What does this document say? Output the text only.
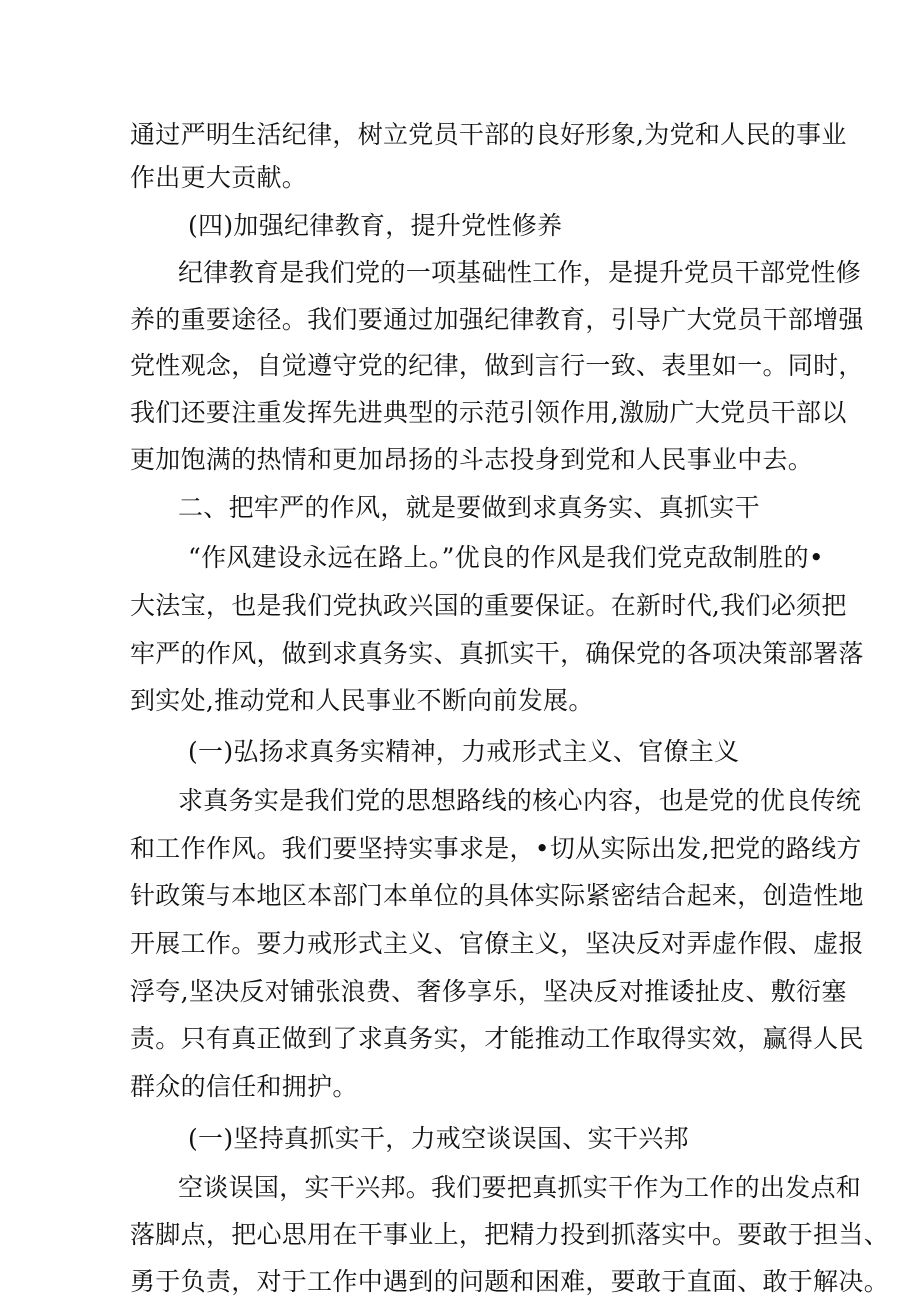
通过严明生活纪律，树立党员干部的良好形象,为党和人民的事业
作出更大贡献。
(四)加强纪律教育，提升党性修养
纪律教育是我们党的一项基础性工作，是提升党员干部党性修
养的重要途径。我们要通过加强纪律教育，引导广大党员干部增强
党性观念，自觉遵守党的纪律，做到言行一致、表里如一。同时，
我们还要注重发挥先进典型的示范引领作用,激励广大党员干部以
更加饱满的热情和更加昂扬的斗志投身到党和人民事业中去。
二、把牢严的作风，就是要做到求真务实、真抓实干
“作风建设永远在路上。”优良的作风是我们党克敌制胜的•
大法宝，也是我们党执政兴国的重要保证。在新时代,我们必须把
牢严的作风，做到求真务实、真抓实干，确保党的各项决策部署落
到实处,推动党和人民事业不断向前发展。
(一)弘扬求真务实精神，力戒形式主义、官僚主义
求真务实是我们党的思想路线的核心内容，也是党的优良传统
和工作作风。我们要坚持实事求是，•切从实际出发,把党的路线方
针政策与本地区本部门本单位的具体实际紧密结合起来，创造性地
开展工作。要力戒形式主义、官僚主义，坚决反对弄虚作假、虚报
浮夸,坚决反对铺张浪费、奢侈享乐，坚决反对推诿扯皮、敷衍塞
责。只有真正做到了求真务实，才能推动工作取得实效，赢得人民
群众的信任和拥护。
(一)坚持真抓实干，力戒空谈误国、实干兴邦
空谈误国，实干兴邦。我们要把真抓实干作为工作的出发点和
落脚点，把心思用在干事业上，把精力投到抓落实中。要敢于担当、
勇于负责，对于工作中遇到的问题和困难，要敢于直面、敢于解决。
